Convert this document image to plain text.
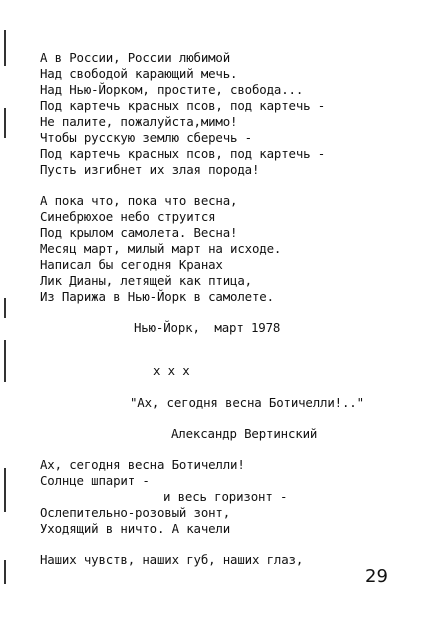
А в России, России любимой
Над свободой карающий мечь.
Над Нью-Йорком, простите, свобода...
Под картечь красных псов, под картечь -
Не палите, пожалуйста,мимо!
Чтобы русскую землю сберечь -
Под картечь красных псов, под картечь -
Пусть изгибнет их злая порода!
А пока что, пока что весна,
Синебрюхое небо струится
Под крылом самолета. Весна!
Месяц март, милый март на исходе.
Написал бы сегодня Кранах
Лик Дианы, летящей как птица,
Из Парижа в Нью-Йорк в самолете.
Нью-Йорк,  март 1978
x x x
"Ах, сегодня весна Ботичелли!.."
Александр Вертинский
Ах, сегодня весна Ботичелли!
Солнце шпарит -
и весь горизонт -
Ослепительно-розовый зонт,
Уходящий в ничто. А качели
Наших чувств, наших губ, наших глаз,
29
